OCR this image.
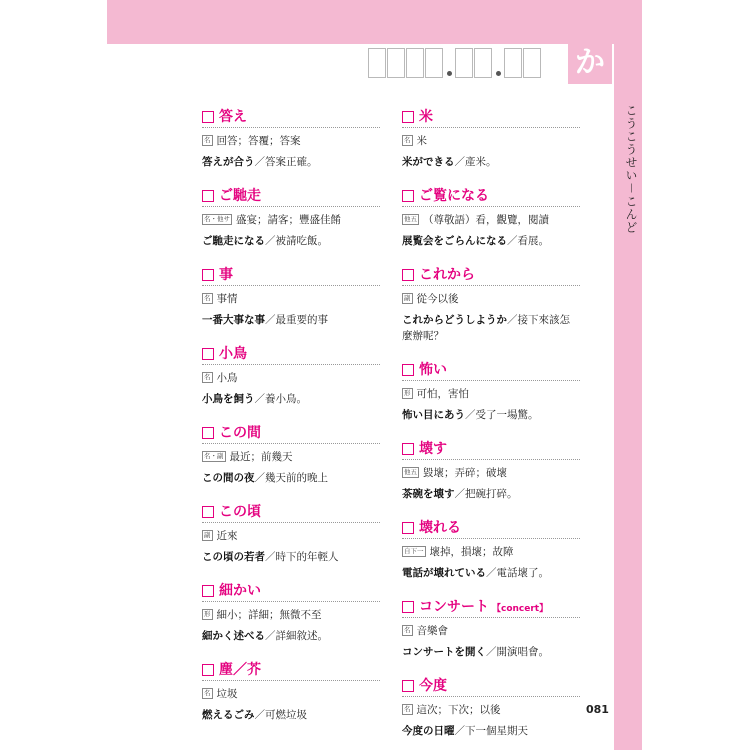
か
こうこうせい－こんど
答え
名 回答；答覆；答案
答えが合う／答案正確。
ご馳走
名・他サ 盛宴；請客；豐盛佳餚
ご馳走になる／被請吃飯。
事
名 事情
一番大事な事／最重要的事
小鳥
名 小鳥
小鳥を飼う／養小鳥。
この間
名・副 最近；前幾天
この間の夜／幾天前的晚上
この頃
副 近來
この頃の若者／時下的年輕人
細かい
形 細小；詳細；無微不至
細かく述べる／詳細敘述。
塵／芥
名 垃圾
燃えるごみ／可燃垃圾
米
名 米
米ができる／產米。
ご覧になる
他五 （尊敬語）看，觀覽，閱讀
展覧会をごらんになる／看展。
これから
副 從今以後
これからどうしようか／接下來該怎麼辦呢？
怖い
形 可怕，害怕
怖い目にあう／受了一場驚。
壊す
他五 毀壞；弄碎；破壞
茶碗を壊す／把碗打碎。
壊れる
自下一 壞掉，損壞；故障
電話が壊れている／電話壞了。
コンサート 【concert】
名 音樂會
コンサートを開く／開演唱會。
今度
名 這次；下次；以後
今度の日曜／下一個星期天
081
